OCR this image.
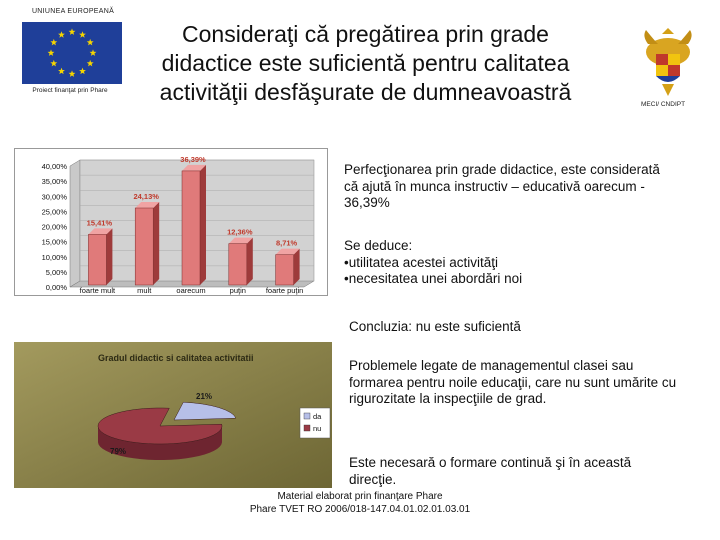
UNIUNEA EUROPEANĂ
Proiect finanţat prin Phare
Consideraţi că pregătirea prin grade
didactice este suficientă pentru calitatea
activităţii desfăşurate de dumneavoastră	MECI/ CNDIPT
0,00%
5,00%
10,00%
15,00%
20,00%
25,00%
30,00%
35,00%
40,00%
15,41%
foarte mult
24,13%
mult
36,39%
oarecum
12,36%
puţin
8,71%
foarte puţin
Perfecţionarea prin grade didactice, este considerată că ajută în munca instructiv – educativă oarecum - 36,39%
Se deduce:
•utilitatea acestei activităţi
•necesitatea unei abordări noi
Concluzia: nu este suficientă
Problemele legate de managementul clasei sau formarea pentru noile educaţii, care nu sunt umărite cu rigurozitate la inspecţiile de grad.
Este necesară o formare continuă şi în această direcţie.
Gradul didactic si calitatea activitatii
21%
79%
da
nu
Material elaborat prin finanţare Phare
Phare TVET RO 2006/018-147.04.01.02.01.03.01
